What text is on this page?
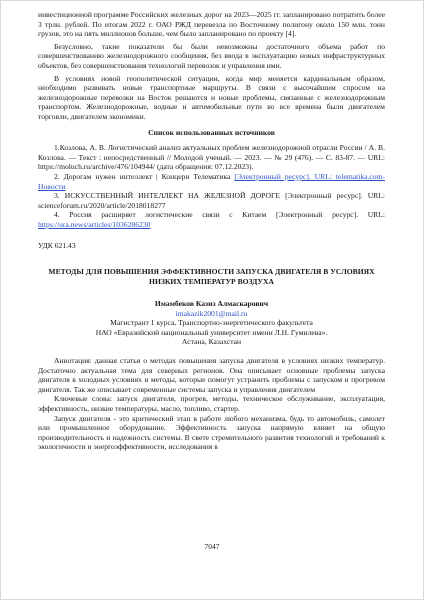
инвестиционной программе Российских железных дорог на 2023—2025 гг. запланировано потратить более 3 трлн. рублей. По итогам 2022 г. ОАО РЖД перевезла по Восточному полигону около 150 млн. тонн грузов, это на пять миллионов больше, чем было запланировано по проекту [4].

Безусловно, такие показатели бы были невозможны достаточного объема работ по совершенствованию железнодорожного сообщения, без ввода в эксплуатацию новых инфраструктурных объектов, без совершенствования технологий перевозок и управления ими.

В условиях новой геополитической ситуации, когда мир меняется кардинальным образом, необходимо развивать новые транспортные маршруты. В связи с высочайшим спросом на железнодорожные перевозки на Восток решаются и новые проблемы, связанные с железнодорожным транспортом. Железнодорожные, водные и автомобильные пути во все времена были двигателем торговли, двигателем экономики.

Список использованных источников

1.Козлова, А. В. Логистический анализ актуальных проблем железнодорожной отрасли России / А. В. Козлова. — Текст : непосредственный // Молодой ученый. — 2023. — № 29 (476). — С. 83-87. — URL: https://moluch.ru/archive/476/104944/ (дата обращения: 07.12.2023).

2. Дорогам нужен интеллект | Концерн Телематика [Электронный ресурс]. URL: telematika.com-Новости

3. ИСКУССТВЕННЫЙ ИНТЕЛЛЕКТ НА ЖЕЛЕЗНОЙ ДОРОГЕ [Электронный ресурс]. URL: scienceforum.ru/2020/article/2018018277

4. Россия расширяет логистические связи с Китаем [Электронный ресурс]. URL: https://ura.news/articles/1036286230

УДК 621.43
МЕТОДЫ ДЛЯ ПОВЫШЕНИЯ ЭФФЕКТИВНОСТИ ЗАПУСКА ДВИГАТЕЛЯ В УСЛОВИЯХ НИЗКИХ ТЕМПЕРАТУР ВОЗДУХА
Имамбеков Казиз Алмаскарович
imakazik2001@mail.ru
Магистрант 1 курса, Транспортно-энергетического факультета
НАО «Евразийский национальный университет имени Л.Н. Гумилева».
Астана, Казахстан

Аннотация: данная статья о методах повышения запуска двигателя в условиях низких температур. Достаточно актуальная тема для северных регионов. Она описывает основные проблемы запуска двигателя в холодных условиях и методы, которые помогут устранить проблемы с запуском и прогревом двигателя. Так же описывает современные системы запуска и управления двигателем

Ключевые слова: запуск двигателя, прогрев, методы, техническое обслуживание, эксплуатация, эффективность, низкие температуры, масло, топливо, стартер.

Запуск двигателя - это критический этап в работе любого механизма, будь то автомобиль, самолет или промышленное оборудование. Эффективность запуска напрямую влияет на общую производительность и надежность системы. В свете стремительного развития технологий и требований к экологичности и энергоэффективности, исследования в

7047
